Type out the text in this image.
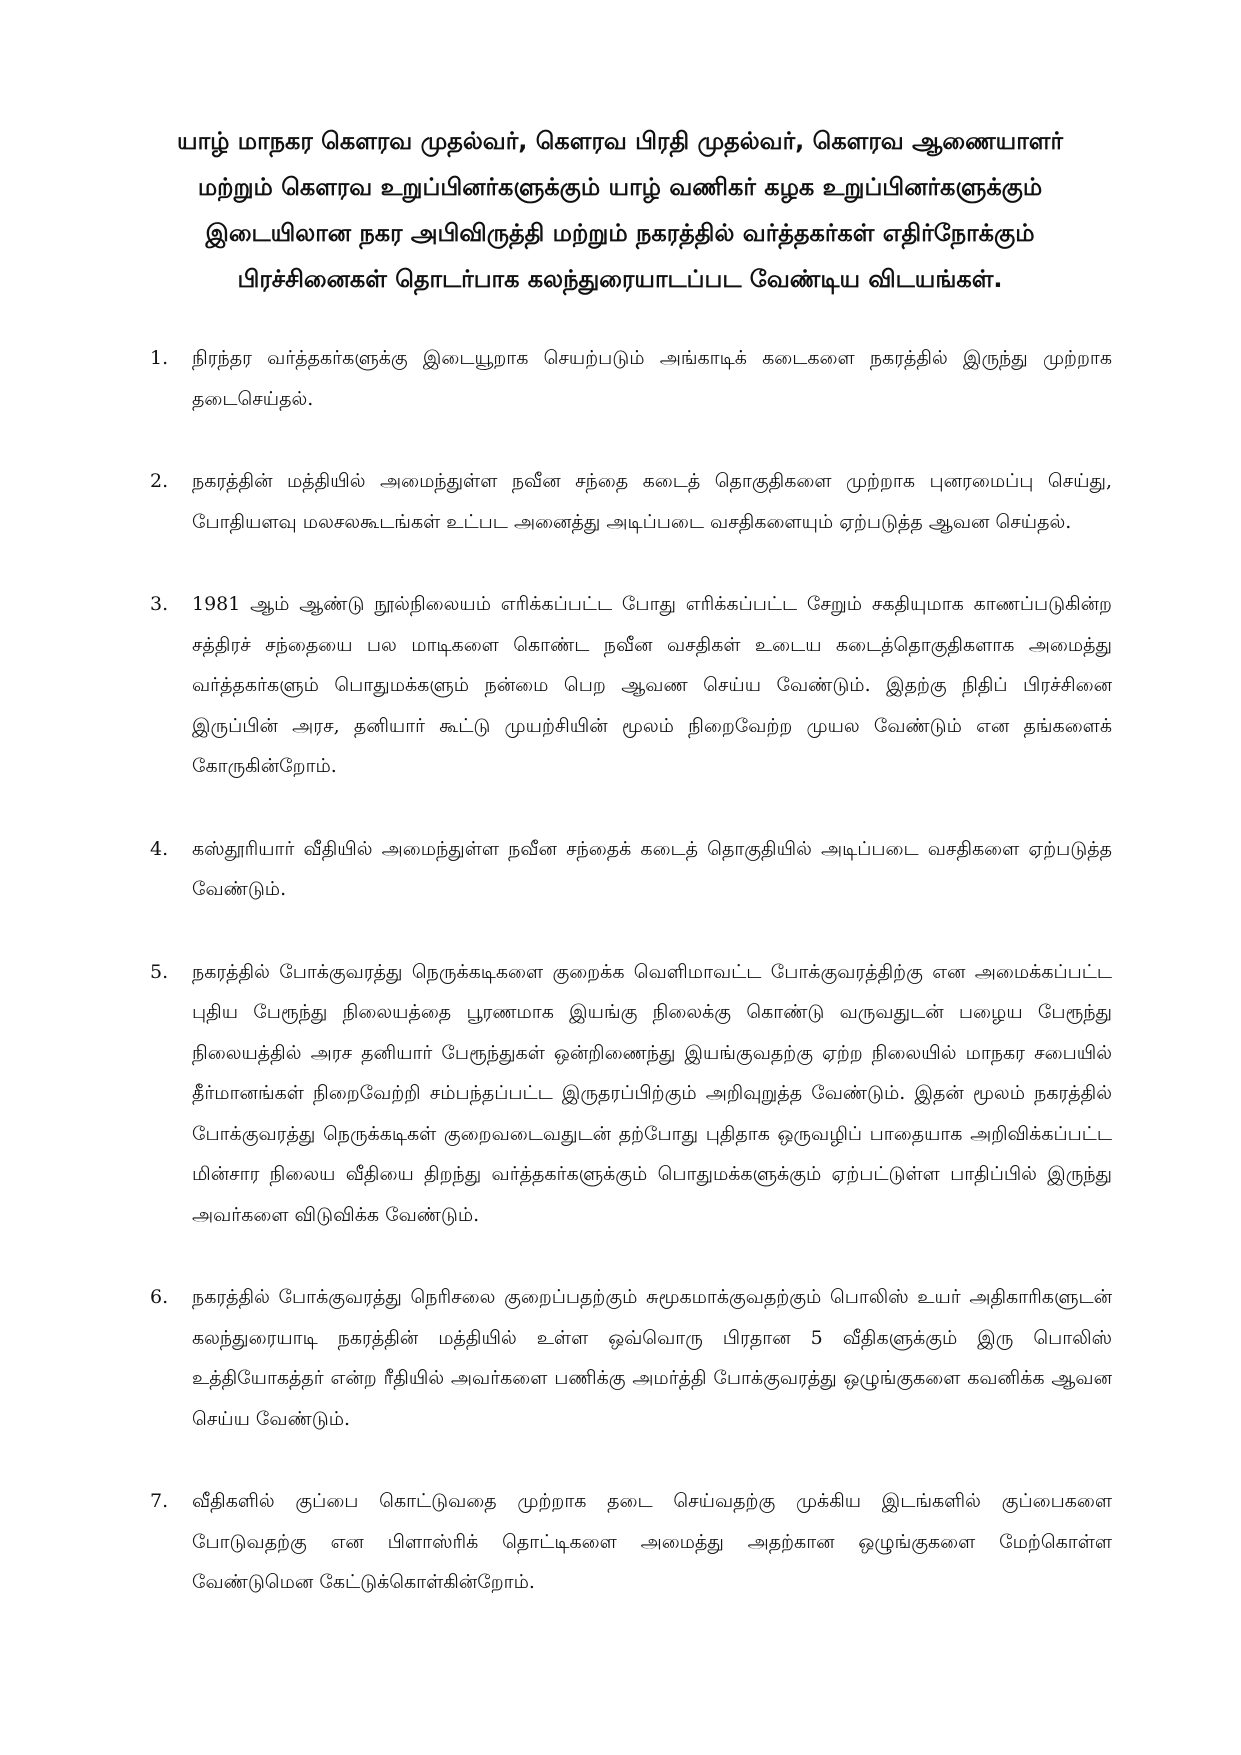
யாழ் மாநகர கௌரவ முதல்வர், கௌரவ பிரதி முதல்வர், கௌரவ ஆணையாளர் மற்றும் கௌரவ உறுப்பினர்களுக்கும் யாழ் வணிகர் கழக உறுப்பினர்களுக்கும் இடையிலான நகர அபிவிருத்தி மற்றும் நகரத்தில் வர்த்தகர்கள் எதிர்நோக்கும் பிரச்சினைகள் தொடர்பாக கலந்துரையாடப்பட வேண்டிய விடயங்கள்.
1.	நிரந்தர வர்த்தகர்களுக்கு இடையூறாக செயற்படும் அங்காடிக் கடைகளை நகரத்தில் இருந்து முற்றாக தடைசெய்தல்.
2.	நகரத்தின் மத்தியில் அமைந்துள்ள நவீன சந்தை கடைத் தொகுதிகளை முற்றாக புனரமைப்பு செய்து, போதியளவு மலசலகூடங்கள் உட்பட அனைத்து அடிப்படை வசதிகளையும் ஏற்படுத்த ஆவன செய்தல்.
3.	1981 ஆம் ஆண்டு நூல்நிலையம் எரிக்கப்பட்ட போது எரிக்கப்பட்ட சேறும் சகதியுமாக காணப்படுகின்ற சத்திரச் சந்தையை பல மாடிகளை கொண்ட நவீன வசதிகள் உடைய கடைத்தொகுதிகளாக அமைத்து வர்த்தகர்களும் பொதுமக்களும் நன்மை பெற ஆவண செய்ய வேண்டும். இதற்கு நிதிப் பிரச்சினை இருப்பின் அரச, தனியார் கூட்டு முயற்சியின் மூலம் நிறைவேற்ற முயல வேண்டும் என தங்களைக் கோருகின்றோம்.
4.	கஸ்தூரியார் வீதியில் அமைந்துள்ள நவீன சந்தைக் கடைத் தொகுதியில் அடிப்படை வசதிகளை ஏற்படுத்த வேண்டும்.
5.	நகரத்தில் போக்குவரத்து நெருக்கடிகளை குறைக்க வெளிமாவட்ட போக்குவரத்திற்கு என அமைக்கப்பட்ட புதிய பேரூந்து நிலையத்தை பூரணமாக இயங்கு நிலைக்கு கொண்டு வருவதுடன் பழைய பேரூந்து நிலையத்தில் அரச தனியார் பேரூந்துகள் ஒன்றிணைந்து இயங்குவதற்கு ஏற்ற நிலையில் மாநகர சபையில் தீர்மானங்கள் நிறைவேற்றி சம்பந்தப்பட்ட இருதரப்பிற்கும் அறிவுறுத்த வேண்டும். இதன் மூலம் நகரத்தில் போக்குவரத்து நெருக்கடிகள் குறைவடைவதுடன் தற்போது புதிதாக ஒருவழிப் பாதையாக அறிவிக்கப்பட்ட மின்சார நிலைய வீதியை திறந்து வர்த்தகர்களுக்கும் பொதுமக்களுக்கும் ஏற்பட்டுள்ள பாதிப்பில் இருந்து அவர்களை விடுவிக்க வேண்டும்.
6.	நகரத்தில் போக்குவரத்து நெரிசலை குறைப்பதற்கும் சுமூகமாக்குவதற்கும் பொலிஸ் உயர் அதிகாரிகளுடன் கலந்துரையாடி நகரத்தின் மத்தியில் உள்ள ஒவ்வொரு பிரதான 5 வீதிகளுக்கும் இரு பொலிஸ் உத்தியோகத்தர் என்ற ரீதியில் அவர்களை பணிக்கு அமர்த்தி போக்குவரத்து ஒழுங்குகளை கவனிக்க ஆவன செய்ய வேண்டும்.
7.	வீதிகளில் குப்பை கொட்டுவதை முற்றாக தடை செய்வதற்கு முக்கிய இடங்களில் குப்பைகளை போடுவதற்கு என பிளாஸ்ரிக் தொட்டிகளை அமைத்து அதற்கான ஒழுங்குகளை மேற்கொள்ள வேண்டுமென கேட்டுக்கொள்கின்றோம்.
